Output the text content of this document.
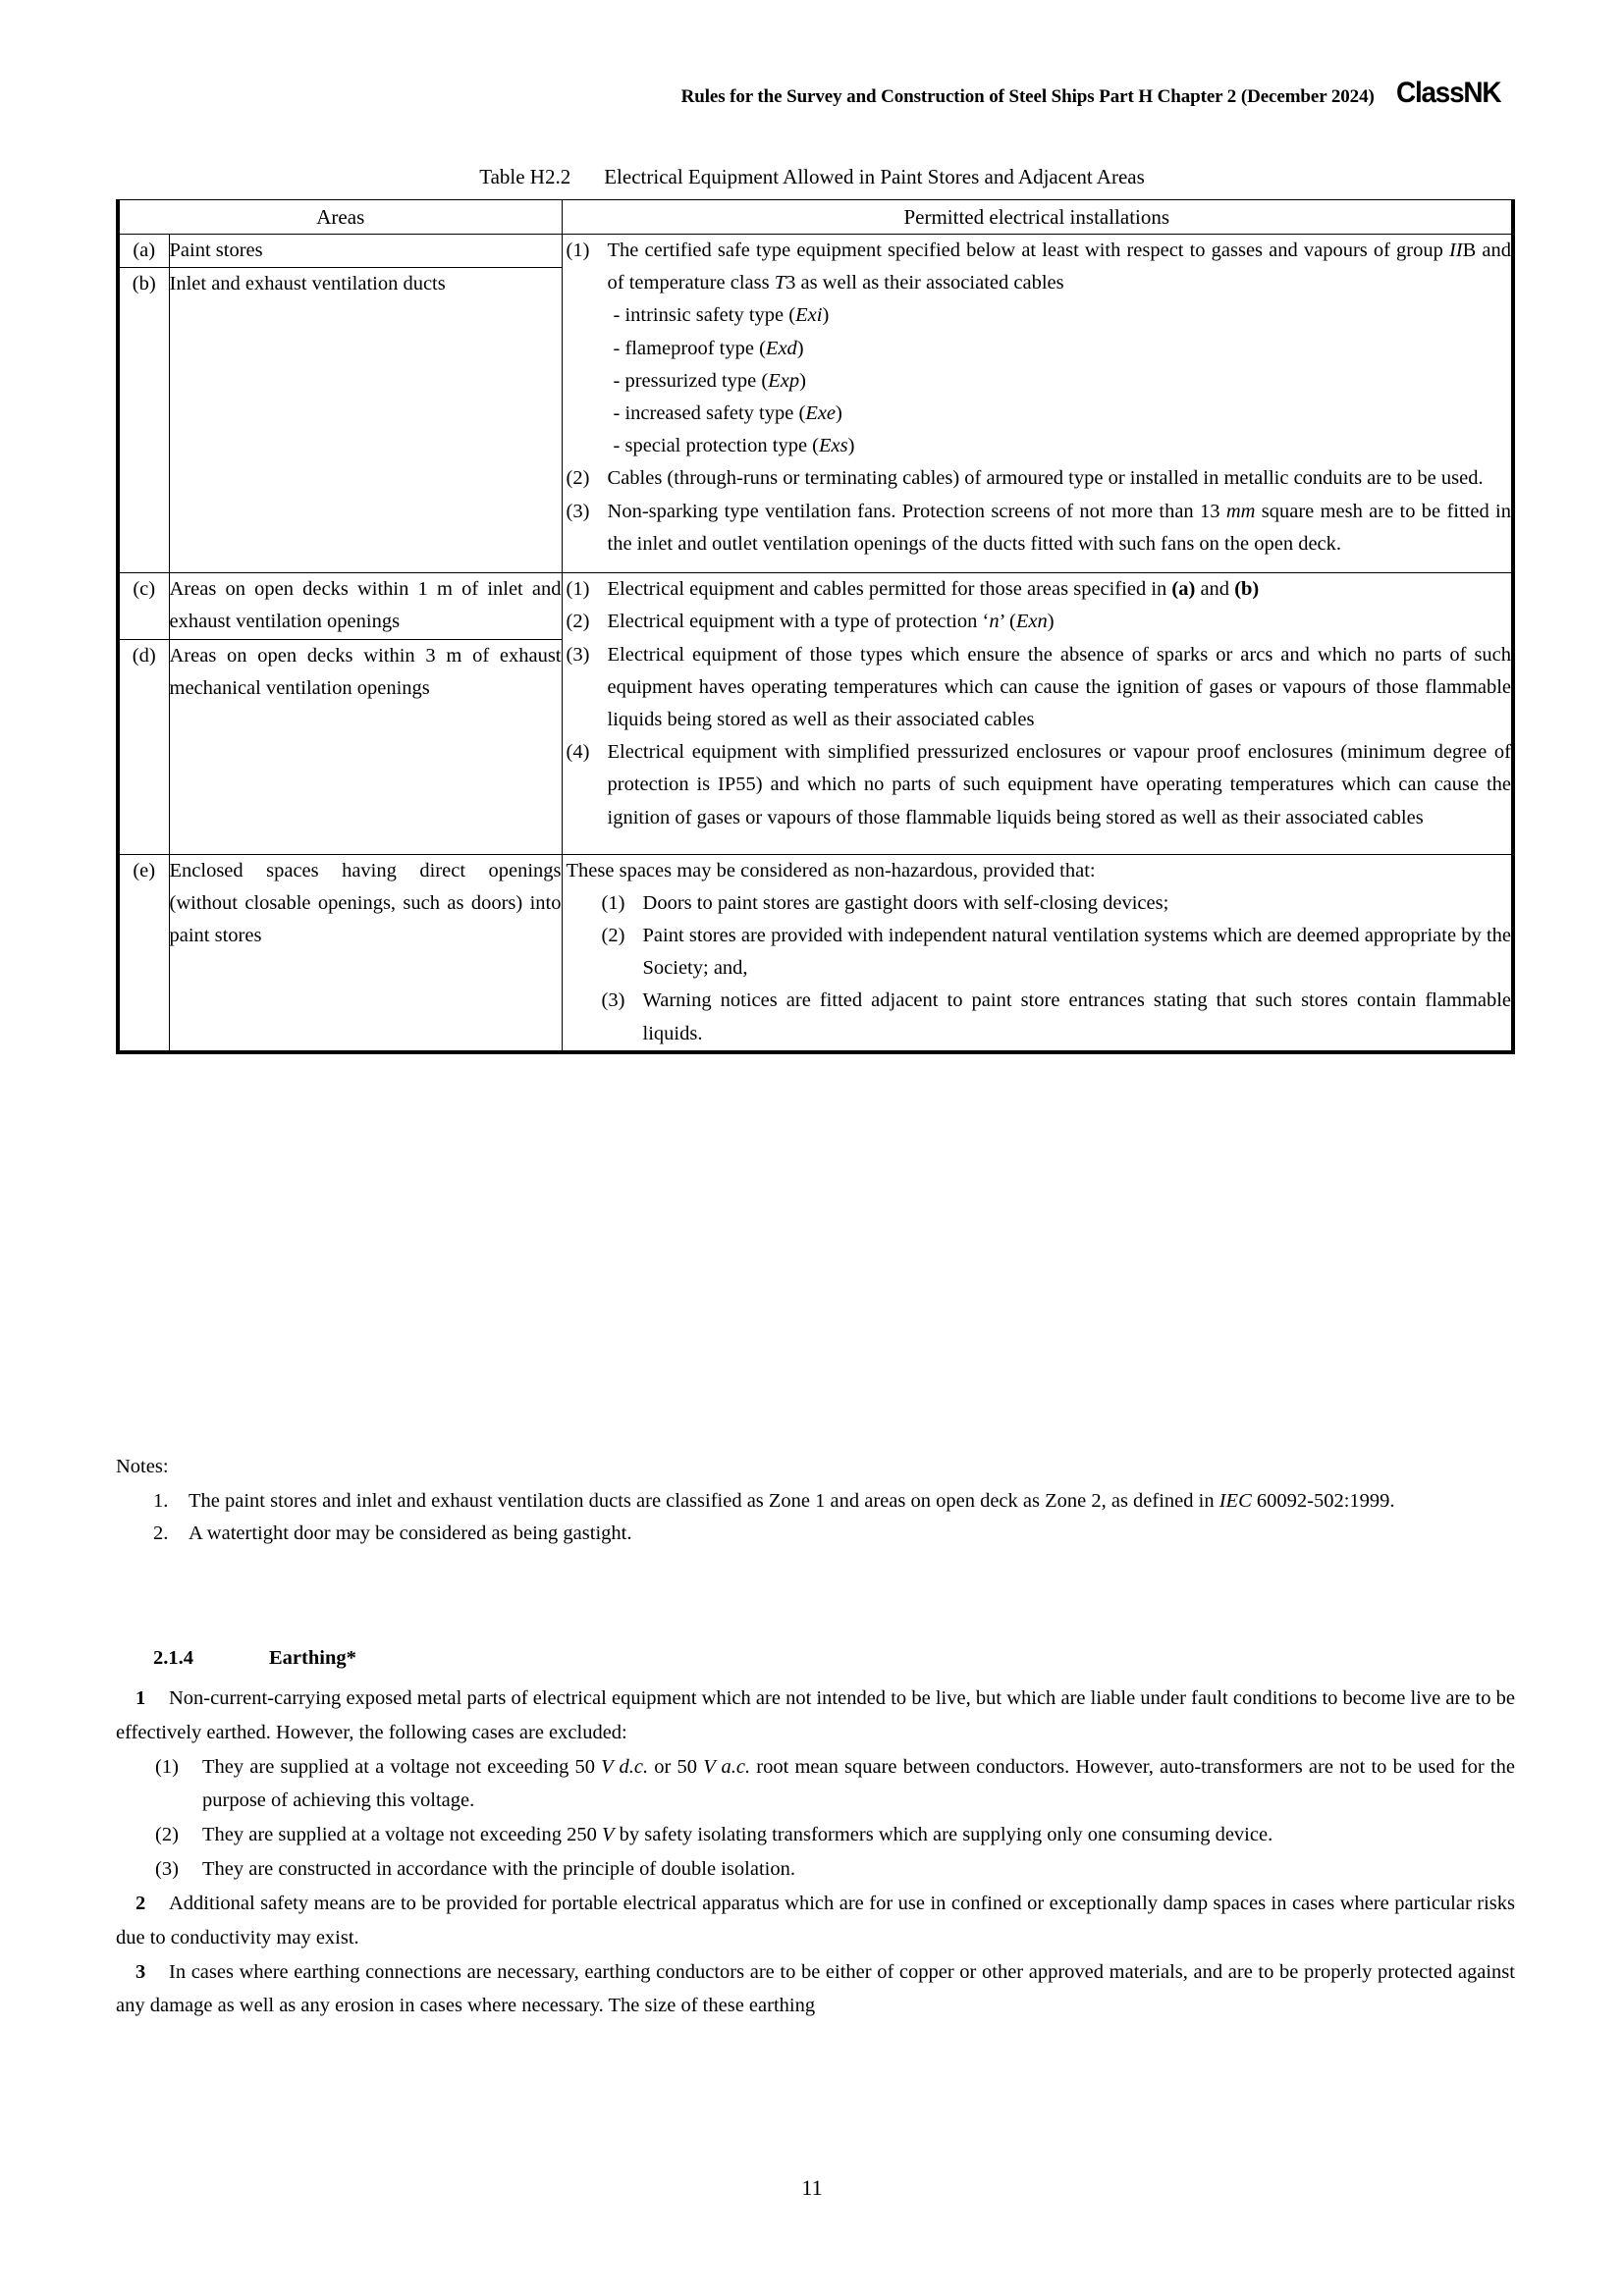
Rules for the Survey and Construction of Steel Ships Part H Chapter 2 (December 2024) ClassNK
Table H2.2 Electrical Equipment Allowed in Paint Stores and Adjacent Areas
Areas		Permitted electrical installations
(a)	Paint stores	(1) The certified safe type equipment specified below at least with respect to gasses and vapours of group IIB and of temperature class T3 as well as their associated cables
- intrinsic safety type (Exi)
- flameproof type (Exd)
- pressurized type (Exp)
- increased safety type (Exe)
- special protection type (Exs)
(2) Cables (through-runs or terminating cables) of armoured type or installed in metallic conduits are to be used.
(3) Non-sparking type ventilation fans. Protection screens of not more than 13 mm square mesh are to be fitted in the inlet and outlet ventilation openings of the ducts fitted with such fans on the open deck.

(b)	Inlet and exhaust ventilation ducts	
(c)	Areas on open decks within 1 m of inlet and exhaust ventilation openings	
(1) Electrical equipment and cables permitted for those areas specified in (a) and (b)
(2) Electrical equipment with a type of protection ‘n’ (Exn)
(3) Electrical equipment of those types which ensure the absence of sparks or arcs and which no parts of such equipment haves operating temperatures which can cause the ignition of gases or vapours of those flammable liquids being stored as well as their associated cables
(4) Electrical equipment with simplified pressurized enclosures or vapour proof enclosures (minimum degree of protection is IP55) and which no parts of such equipment have operating temperatures which can cause the ignition of gases or vapours of those flammable liquids being stored as well as their associated cables

(d)	Areas on open decks within 3 m of exhaust mechanical ventilation openings	
(e)	Enclosed spaces having direct openings (without closable openings, such as doors) into paint stores	
These spaces may be considered as non-hazardous, provided that:
(1) Doors to paint stores are gastight doors with self-closing devices;
(2) Paint stores are provided with independent natural ventilation systems which are deemed appropriate by the Society; and,
(3) Warning notices are fitted adjacent to paint store entrances stating that such stores contain flammable liquids.
Notes:
1.	The paint stores and inlet and exhaust ventilation ducts are classified as Zone 1 and areas on open deck as Zone 2, as defined in IEC 60092-502:1999.
2.	A watertight door may be considered as being gastight.
2.1.4	Earthing*
1 Non-current-carrying exposed metal parts of electrical equipment which are not intended to be live, but which are liable under fault conditions to become live are to be effectively earthed. However, the following cases are excluded:
(1)	They are supplied at a voltage not exceeding 50 V d.c. or 50 V a.c. root mean square between conductors. However, auto-transformers are not to be used for the purpose of achieving this voltage.
(2)	They are supplied at a voltage not exceeding 250 V by safety isolating transformers which are supplying only one consuming device.
(3)	They are constructed in accordance with the principle of double isolation.
2 Additional safety means are to be provided for portable electrical apparatus which are for use in confined or exceptionally damp spaces in cases where particular risks due to conductivity may exist.
3 In cases where earthing connections are necessary, earthing conductors are to be either of copper or other approved materials, and are to be properly protected against any damage as well as any erosion in cases where necessary. The size of these earthing
11
